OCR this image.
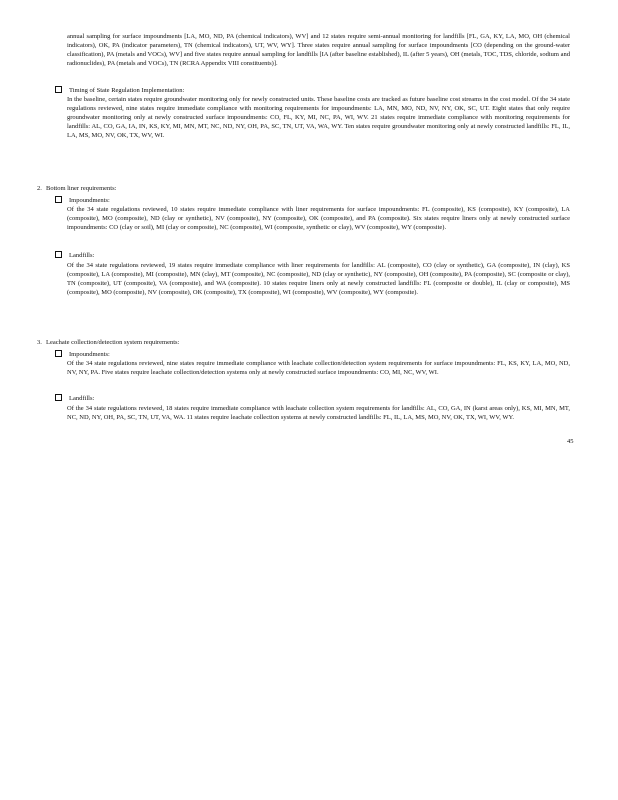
annual sampling for surface impoundments [LA, MO, ND, PA (chemical indicators), WV] and 12 states require semi-annual monitoring for landfills [FL, GA, KY, LA, MO, OH (chemical indicators), OK, PA (indicator parameters), TN (chemical indicators), UT, WV, WY]. Three states require annual sampling for surface impoundments [CO (depending on the ground-water classification), PA (metals and VOCs), WV] and five states require annual sampling for landfills [IA (after baseline established), IL (after 5 years), OH (metals, TOC, TDS, chloride, sodium and radionuclides), PA (metals and VOCs), TN (RCRA Appendix VIII constituents)].

Timing of State Regulation Implementation:

In the baseline, certain states require groundwater monitoring only for newly constructed units. These baseline costs are tracked as future baseline cost streams in the cost model. Of the 34 state regulations reviewed, nine states require immediate compliance with monitoring requirements for impoundments: LA, MN, MO, ND, NV, NY, OK, SC, UT. Eight states that only require groundwater monitoring only at newly constructed surface impoundments: CO, FL, KY, MI, NC, PA, WI, WV. 21 states require immediate compliance with monitoring requirements for landfills: AL, CO, GA, IA, IN, KS, KY, MI, MN, MT, NC, ND, NY, OH, PA, SC, TN, UT, VA, WA, WY. Ten states require groundwater monitoring only at newly constructed landfills: FL, IL, LA, MS, MO, NV, OK, TX, WV, WI.

2. Bottom liner requirements:
Impoundments:

Of the 34 state regulations reviewed, 10 states require immediate compliance with liner requirements for surface impoundments: FL (composite), KS (composite), KY (composite), LA (composite), MO (composite), ND (clay or synthetic), NV (composite), NY (composite), OK (composite), and PA (composite). Six states require liners only at newly constructed surface impoundments: CO (clay or soil), MI (clay or composite), NC (composite), WI (composite, synthetic or clay), WV (composite), WY (composite).

Landfills:

Of the 34 state regulations reviewed, 19 states require immediate compliance with liner requirements for landfills: AL (composite), CO (clay or synthetic), GA (composite), IN (clay), KS (composite), LA (composite), MI (composite), MN (clay), MT (composite), NC (composite), ND (clay or synthetic), NY (composite), OH (composite), PA (composite), SC (composite or clay), TN (composite), UT (composite), VA (composite), and WA (composite). 10 states require liners only at newly constructed landfills: FL (composite or double), IL (clay or composite), MS (composite), MO (composite), NV (composite), OK (composite), TX (composite), WI (composite), WV (composite), WY (composite).

3. Leachate collection/detection system requirements:
Impoundments:

Of the 34 state regulations reviewed, nine states require immediate compliance with leachate collection/detection system requirements for surface impoundments: FL, KS, KY, LA, MO, ND, NV, NY, PA. Five states require leachate collection/detection systems only at newly constructed surface impoundments: CO, MI, NC, WV, WI.

Landfills:

Of the 34 state regulations reviewed, 18 states require immediate compliance with leachate collection system requirements for landfills: AL, CO, GA, IN (karst areas only), KS, MI, MN, MT, NC, ND, NY, OH, PA, SC, TN, UT, VA, WA. 11 states require leachate collection systems at newly constructed landfills: FL, IL, LA, MS, MO, NV, OK, TX, WI, WV, WY.

45
